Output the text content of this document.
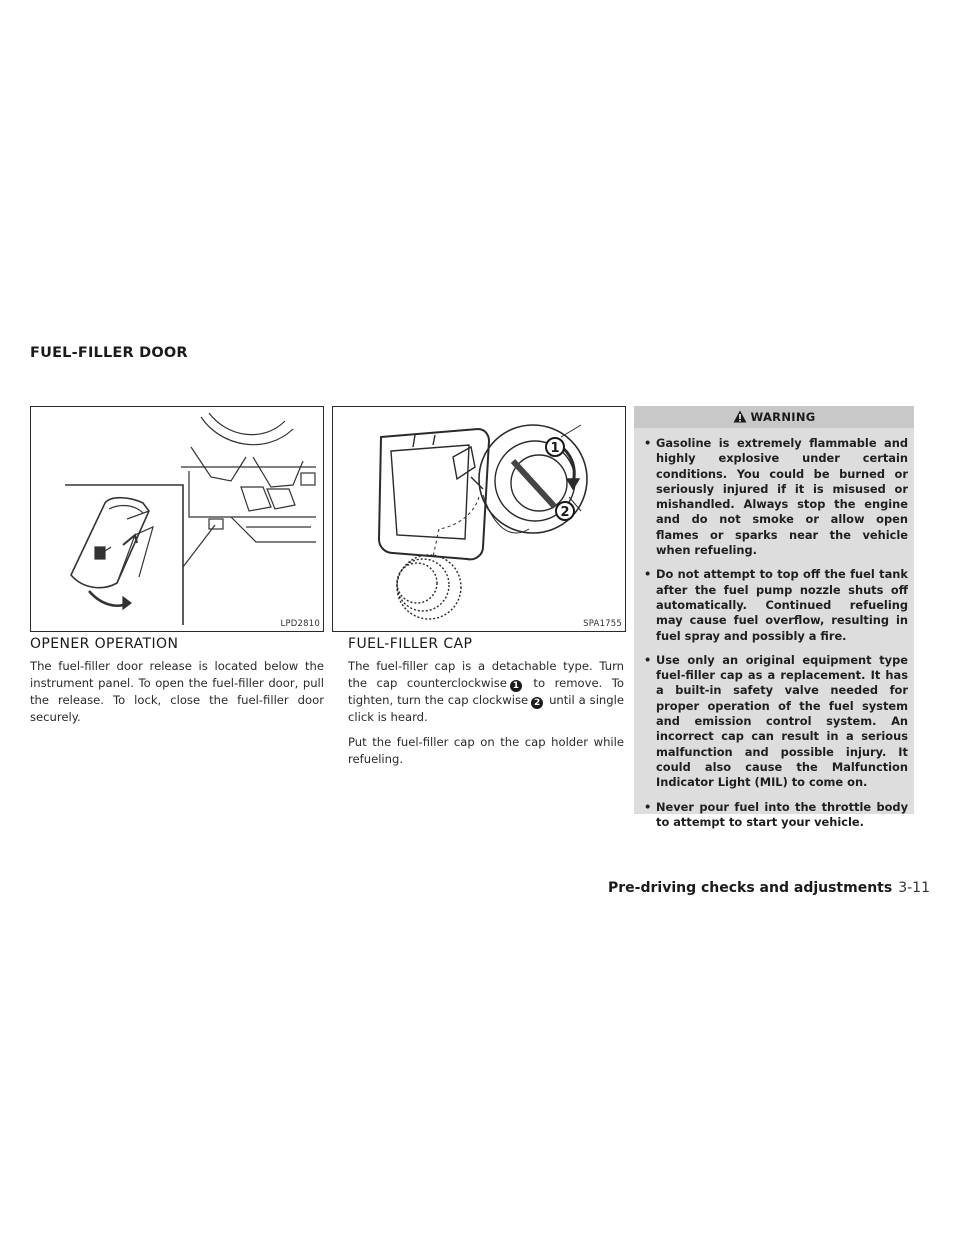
FUEL-FILLER DOOR
LPD2810
1
2
SPA1755
OPENER OPERATION

The fuel-filler door release is located below the instrument panel. To open the fuel-filler door, pull the release. To lock, close the fuel-filler door securely.

FUEL-FILLER CAP

The fuel-filler cap is a detachable type. Turn the cap counterclockwise 1 to remove. To tighten, turn the cap clockwise 2 until a single click is heard.

Put the fuel-filler cap on the cap holder while refueling.

WARNING
• Gasoline is extremely flammable and highly explosive under certain conditions. You could be burned or seriously injured if it is misused or mishandled. Always stop the engine and do not smoke or allow open flames or sparks near the vehicle when refueling.
• Do not attempt to top off the fuel tank after the fuel pump nozzle shuts off automatically. Continued refueling may cause fuel overflow, resulting in fuel spray and possibly a fire.
• Use only an original equipment type fuel-filler cap as a replacement. It has a built-in safety valve needed for proper operation of the fuel system and emission control system. An incorrect cap can result in a serious malfunction and possible injury. It could also cause the Malfunction Indicator Light (MIL) to come on.
• Never pour fuel into the throttle body to attempt to start your vehicle.
Pre-driving checks and adjustments 3-11
